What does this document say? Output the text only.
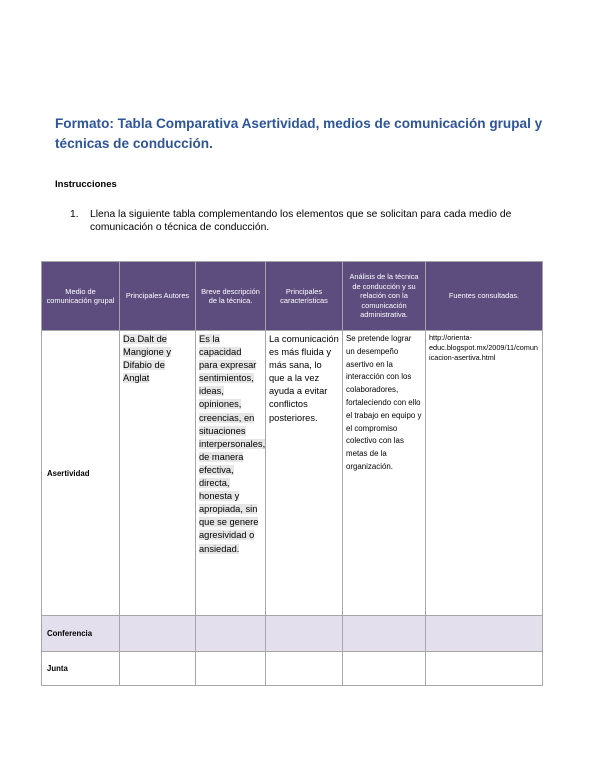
Formato: Tabla Comparativa Asertividad, medios de comunicación grupal y técnicas de conducción.
Instrucciones
1. Llena la siguiente tabla complementando los elementos que se solicitan para cada medio de comunicación o técnica de conducción.
Medio de comunicación grupal	Principales Autores	Breve descripción de la técnica.	Principales características	Análisis de la técnica de conducción y su relación con la comunicación administrativa.	Fuentes consultadas.
Asertividad	Da Dalt de Mangione y Difabio de Anglat	Es la capacidad para expresar sentimientos, ideas, opiniones, creencias, en situaciones interpersonales, de manera efectiva, directa, honesta y apropiada, sin que se genere agresividad o ansiedad.	La comunicación es más fluida y más sana, lo que a la vez ayuda a evitar conflictos posteriores.	Se pretende lograr un desempeño asertivo en la interacción con los colaboradores, fortaleciendo con ello el trabajo en equipo y el compromiso colectivo con las metas de la organización.	http://orienta-educ.blogspot.mx/2009/11/comunicacion-asertiva.html
Conferencia					
Junta					
